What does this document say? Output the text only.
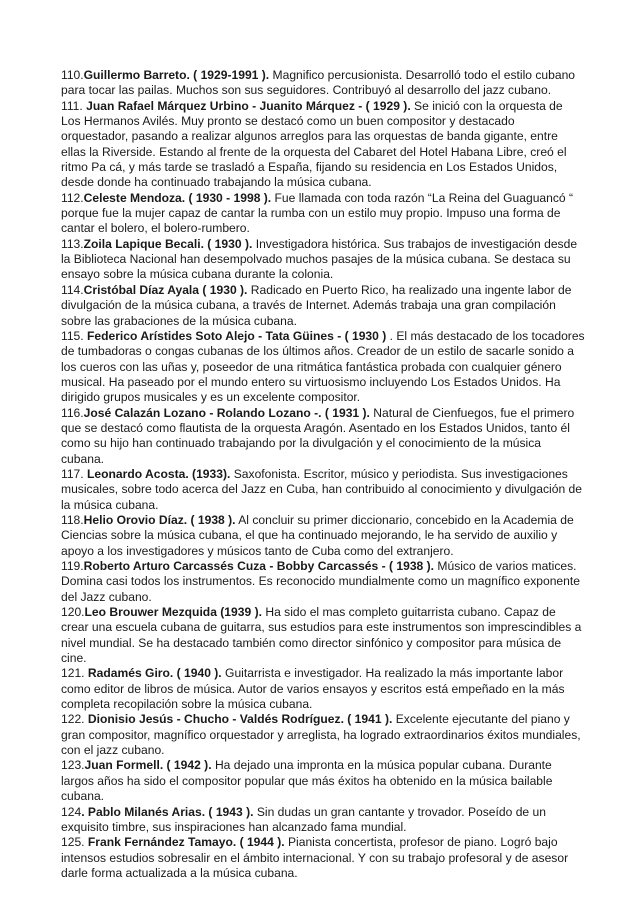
110.Guillermo Barreto. ( 1929-1991 ). Magnifico percusionista. Desarrolló todo el estilo cubano para tocar las pailas. Muchos son sus seguidores. Contribuyó al desarrollo del jazz cubano.

111. Juan Rafael Márquez Urbino - Juanito Márquez - ( 1929 ). Se inició con la orquesta de Los Hermanos Avilés. Muy pronto se destacó como un buen compositor y destacado orquestador, pasando a realizar algunos arreglos para las orquestas de banda gigante, entre ellas la Riverside. Estando al frente de la orquesta del Cabaret del Hotel Habana Libre, creó el ritmo Pa cá, y más tarde se trasladó a España, fijando su residencia en Los Estados Unidos, desde donde ha continuado trabajando la música cubana.

112.Celeste Mendoza. ( 1930 - 1998 ). Fue llamada con toda razón “La Reina del Guaguancó “ porque fue la mujer capaz de cantar la rumba con un estilo muy propio. Impuso una forma de cantar el bolero, el bolero-rumbero.

113.Zoila Lapique Becali. ( 1930 ). Investigadora histórica. Sus trabajos de investigación desde la Biblioteca Nacional han desempolvado muchos pasajes de la música cubana. Se destaca su ensayo sobre la música cubana durante la colonia.

114.Cristóbal Díaz Ayala ( 1930 ). Radicado en Puerto Rico, ha realizado una ingente labor de divulgación de la música cubana, a través de Internet. Además trabaja una gran compilación sobre las grabaciones de la música cubana.

115. Federico Arístides Soto Alejo - Tata Güines - ( 1930 ) . El más destacado de los tocadores de tumbadoras o congas cubanas de los últimos años. Creador de un estilo de sacarle sonido a los cueros con las uñas y, poseedor de una ritmática fantástica probada con cualquier género musical. Ha paseado por el mundo entero su virtuosismo incluyendo Los Estados Unidos. Ha dirigido grupos musicales y es un excelente compositor.

116.José Calazán Lozano - Rolando Lozano -. ( 1931 ). Natural de Cienfuegos, fue el primero que se destacó como flautista de la orquesta Aragón. Asentado en los Estados Unidos, tanto él como su hijo han continuado trabajando por la divulgación y el conocimiento de la música cubana.

117. Leonardo Acosta. (1933). Saxofonista. Escritor, músico y periodista. Sus investigaciones musicales, sobre todo acerca del Jazz en Cuba, han contribuido al conocimiento y divulgación de la música cubana.

118.Helio Orovio Díaz. ( 1938 ). Al concluir su primer diccionario, concebido en la Academia de Ciencias sobre la música cubana, el que ha continuado mejorando, le ha servido de auxilio y apoyo a los investigadores y músicos tanto de Cuba como del extranjero.

119.Roberto Arturo Carcassés Cuza - Bobby Carcassés - ( 1938 ). Músico de varios matices. Domina casi todos los instrumentos. Es reconocido mundialmente como un magnífico exponente del Jazz cubano.

120.Leo Brouwer Mezquida (1939 ). Ha sido el mas completo guitarrista cubano. Capaz de crear una escuela cubana de guitarra, sus estudios para este instrumentos son imprescindibles a nivel mundial. Se ha destacado también como director sinfónico y compositor para música de cine.

121. Radamés Giro. ( 1940 ). Guitarrista e investigador. Ha realizado la más importante labor como editor de libros de música. Autor de varios ensayos y escritos está empeñado en la más completa recopilación sobre la música cubana.

122. Dionisio Jesús - Chucho - Valdés Rodríguez. ( 1941 ). Excelente ejecutante del piano y gran compositor, magnífico orquestador y arreglista, ha logrado extraordinarios éxitos mundiales, con el jazz cubano.

123.Juan Formell. ( 1942 ). Ha dejado una impronta en la música popular cubana. Durante largos años ha sido el compositor popular que más éxitos ha obtenido en la música bailable cubana.

124. Pablo Milanés Arias. ( 1943 ). Sin dudas un gran cantante y trovador. Poseído de un exquisito timbre, sus inspiraciones han alcanzado fama mundial.

125. Frank Fernández Tamayo. ( 1944 ). Pianista concertista, profesor de piano. Logró bajo intensos estudios sobresalir en el ámbito internacional. Y con su trabajo profesoral y de asesor darle forma actualizada a la música cubana.
